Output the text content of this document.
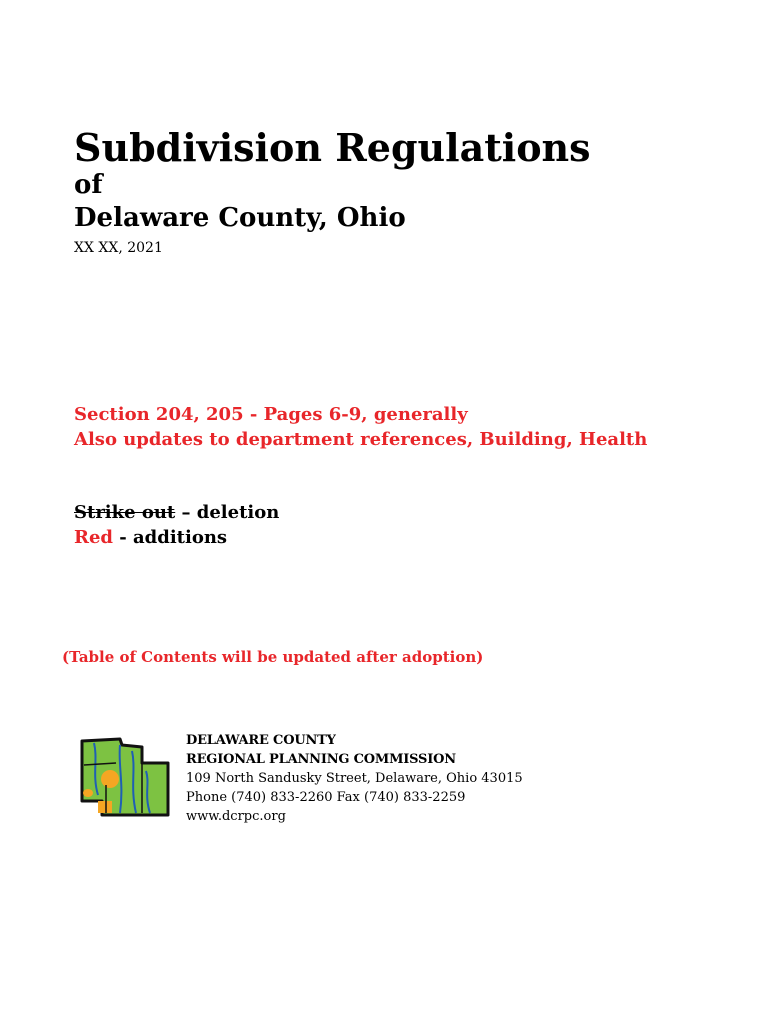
Subdivision Regulations
of
Delaware County, Ohio
XX XX, 2021
Section 204, 205 - Pages 6-9, generally
Also updates to department references, Building, Health
Strike out – deletion
Red - additions
(Table of Contents will be updated after adoption)
DELAWARE COUNTY
REGIONAL PLANNING COMMISSION
109 North Sandusky Street, Delaware, Ohio 43015
Phone (740) 833-2260 Fax (740) 833-2259
www.dcrpc.org
